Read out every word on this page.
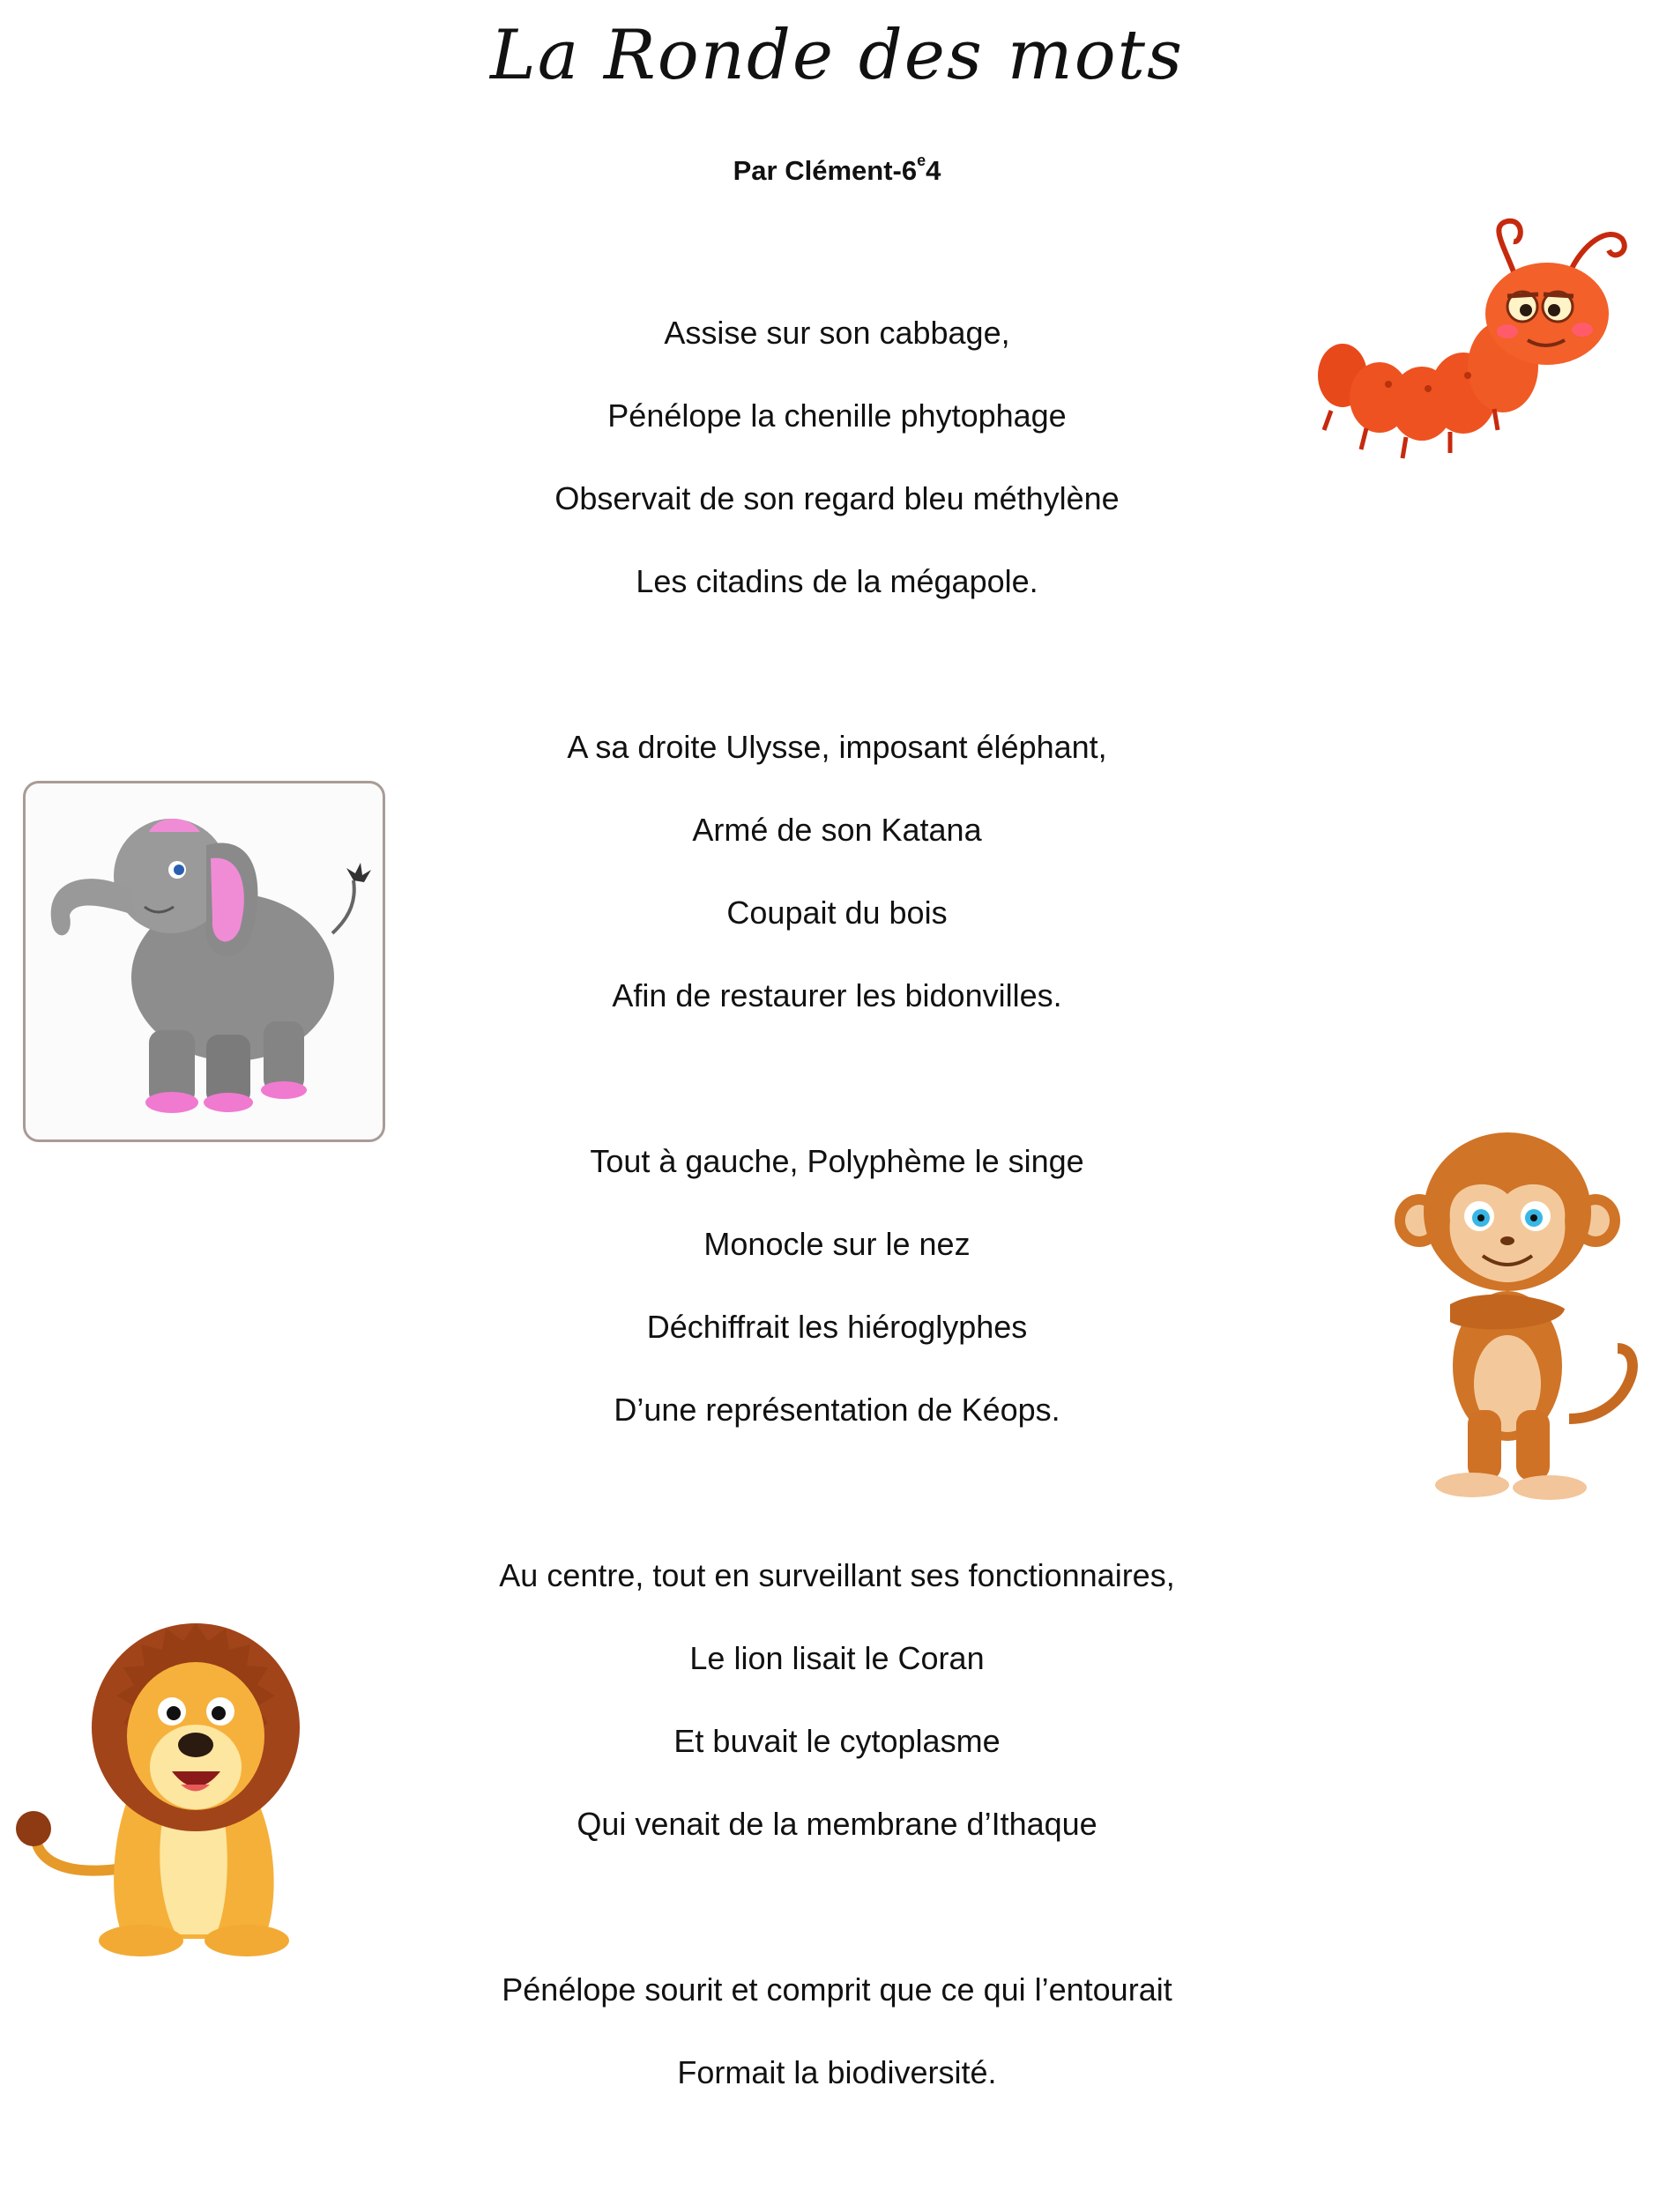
La Ronde des mots
Par Clément-6e4
Assise sur son cabbage,
Pénélope la chenille phytophage
Observait de son regard bleu méthylène
Les citadins de la mégapole.
A sa droite Ulysse, imposant éléphant,
Armé de son Katana
Coupait du bois
Afin de restaurer les bidonvilles.
Tout à gauche, Polyphème le singe
Monocle sur le nez
Déchiffrait les hiéroglyphes
D’une représentation de Kéops.
Au centre, tout en surveillant ses fonctionnaires,
Le lion lisait le Coran
Et buvait le cytoplasme
Qui venait de la membrane d’Ithaque
Pénélope sourit et comprit que ce qui l’entourait
Formait la biodiversité.
